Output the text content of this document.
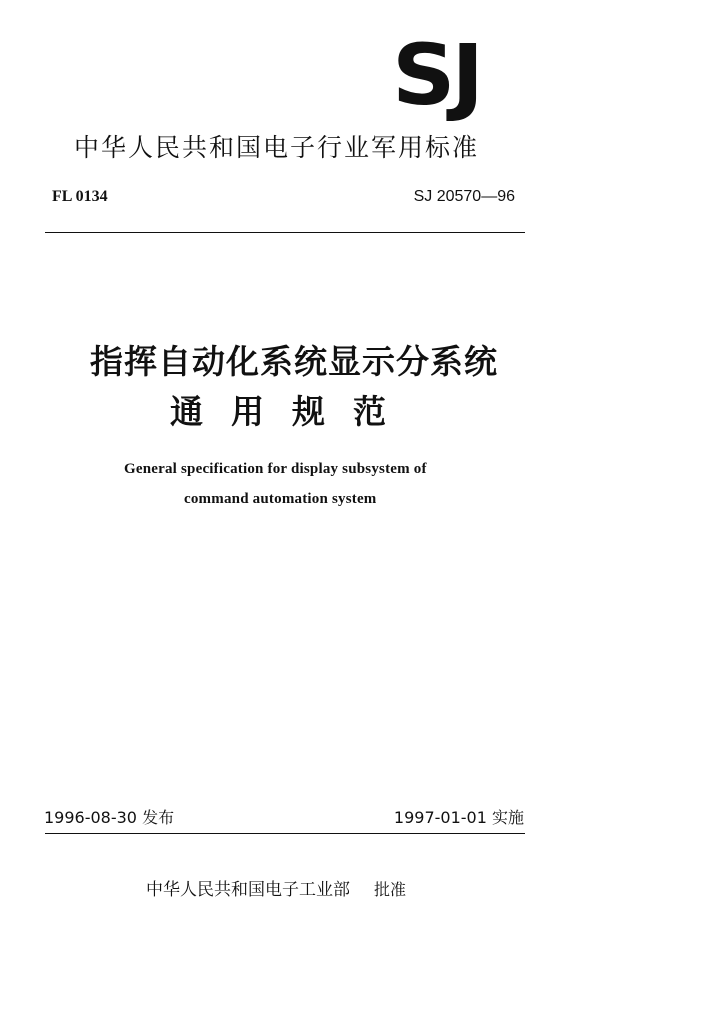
SJ
中华人民共和国电子行业军用标准
FL 0134	SJ 20570—96
指挥自动化系统显示分系统
通用规范
General specification for display subsystem of
command automation system
1996-08-30 发布	1997-01-01 实施
中华人民共和国电子工业部 批准
